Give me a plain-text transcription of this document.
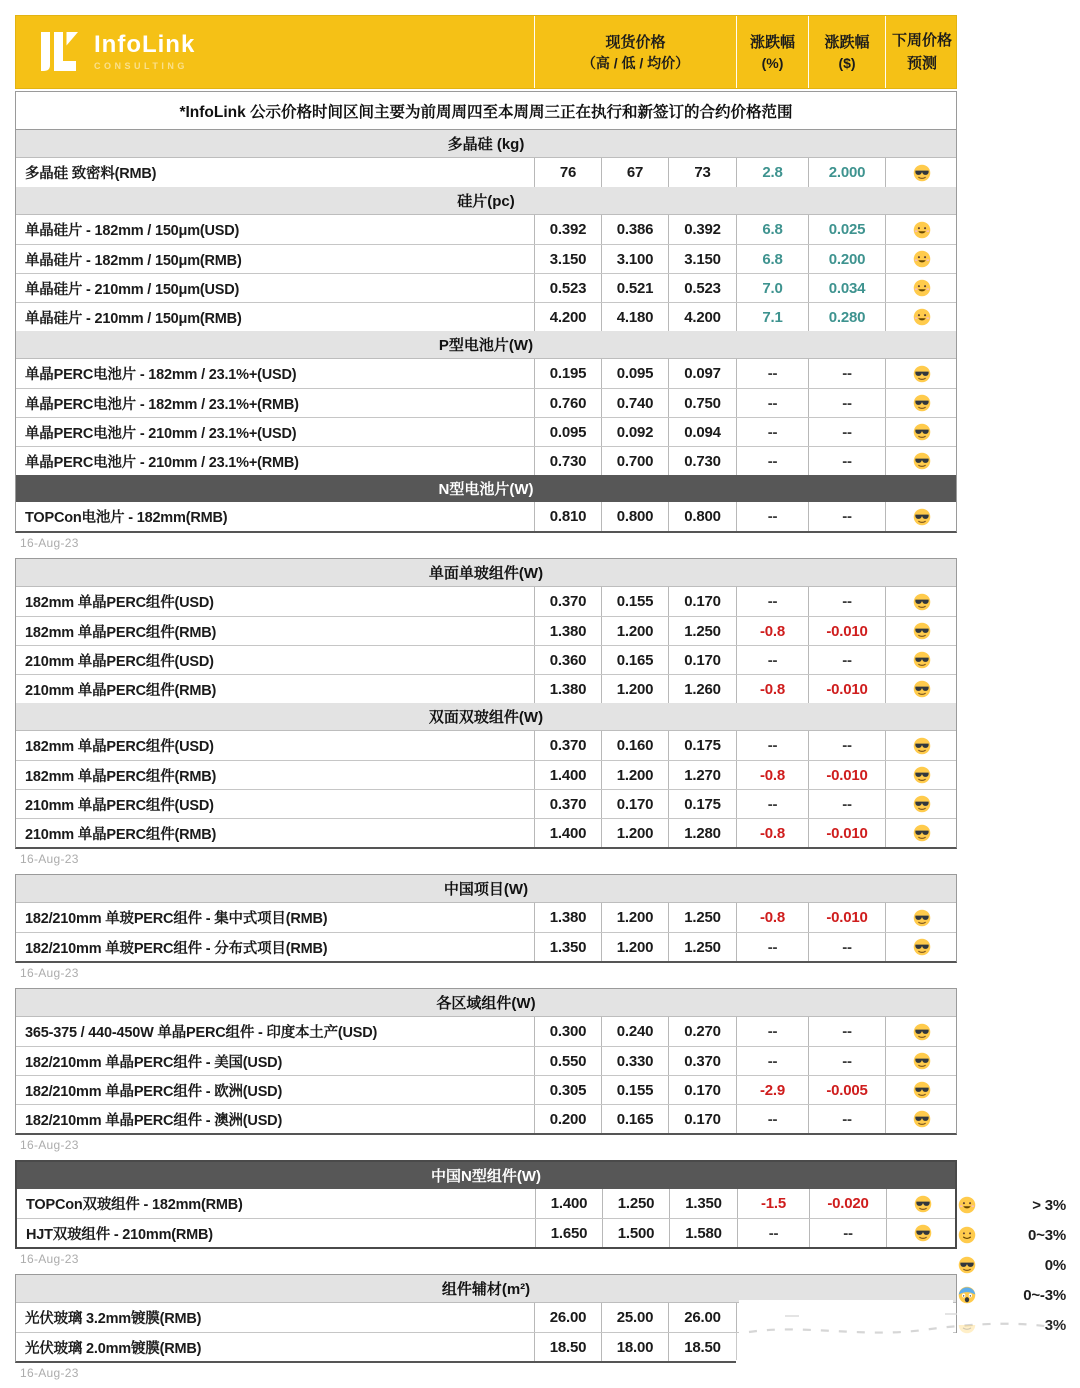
InfoLink
CONSULTING
现货价格
（高 / 低 / 均价）
涨跌幅
(%)
涨跌幅
($)
下周价格
预测
*InfoLink 公示价格时间区间主要为前周周四至本周周三正在执行和新签订的合约价格范围
多晶硅 (kg)
多晶硅 致密料(RMB)	76	67	73	2.8	2.000
硅片(pc)
单晶硅片 - 182mm / 150μm(USD)	0.392	0.386	0.392	6.8	0.025
单晶硅片 - 182mm / 150μm(RMB)	3.150	3.100	3.150	6.8	0.200
单晶硅片 - 210mm / 150μm(USD)	0.523	0.521	0.523	7.0	0.034
单晶硅片 - 210mm / 150μm(RMB)	4.200	4.180	4.200	7.1	0.280
P型电池片(W)
单晶PERC电池片 - 182mm / 23.1%+(USD)	0.195	0.095	0.097	--	--
单晶PERC电池片 - 182mm / 23.1%+(RMB)	0.760	0.740	0.750	--	--
单晶PERC电池片 - 210mm / 23.1%+(USD)	0.095	0.092	0.094	--	--
单晶PERC电池片 - 210mm / 23.1%+(RMB)	0.730	0.700	0.730	--	--
N型电池片(W)
TOPCon电池片 - 182mm(RMB)	0.810	0.800	0.800	--	--
16-Aug-23
单面单玻组件(W)
182mm 单晶PERC组件(USD)	0.370	0.155	0.170	--	--
182mm 单晶PERC组件(RMB)	1.380	1.200	1.250	-0.8	-0.010
210mm 单晶PERC组件(USD)	0.360	0.165	0.170	--	--
210mm 单晶PERC组件(RMB)	1.380	1.200	1.260	-0.8	-0.010
双面双玻组件(W)
182mm 单晶PERC组件(USD)	0.370	0.160	0.175	--	--
182mm 单晶PERC组件(RMB)	1.400	1.200	1.270	-0.8	-0.010
210mm 单晶PERC组件(USD)	0.370	0.170	0.175	--	--
210mm 单晶PERC组件(RMB)	1.400	1.200	1.280	-0.8	-0.010
16-Aug-23
中国项目(W)
182/210mm 单玻PERC组件 - 集中式项目(RMB)	1.380	1.200	1.250	-0.8	-0.010
182/210mm 单玻PERC组件 - 分布式项目(RMB)	1.350	1.200	1.250	--	--
16-Aug-23
各区域组件(W)
365-375 / 440-450W 单晶PERC组件 - 印度本土产(USD)	0.300	0.240	0.270	--	--
182/210mm 单晶PERC组件 - 美国(USD)	0.550	0.330	0.370	--	--
182/210mm 单晶PERC组件 - 欧洲(USD)	0.305	0.155	0.170	-2.9	-0.005
182/210mm 单晶PERC组件 - 澳洲(USD)	0.200	0.165	0.170	--	--
16-Aug-23
中国N型组件(W)
TOPCon双玻组件 - 182mm(RMB)	1.400	1.250	1.350	-1.5	-0.020
HJT双玻组件 - 210mm(RMB)	1.650	1.500	1.580	--	--
16-Aug-23
组件辅材(m²)
光伏玻璃 3.2mm镀膜(RMB)	26.00	25.00	26.00
光伏玻璃 2.0mm镀膜(RMB)	18.50	18.00	18.50
16-Aug-23
> 3%
0~3%
0%
0~-3%
3%
